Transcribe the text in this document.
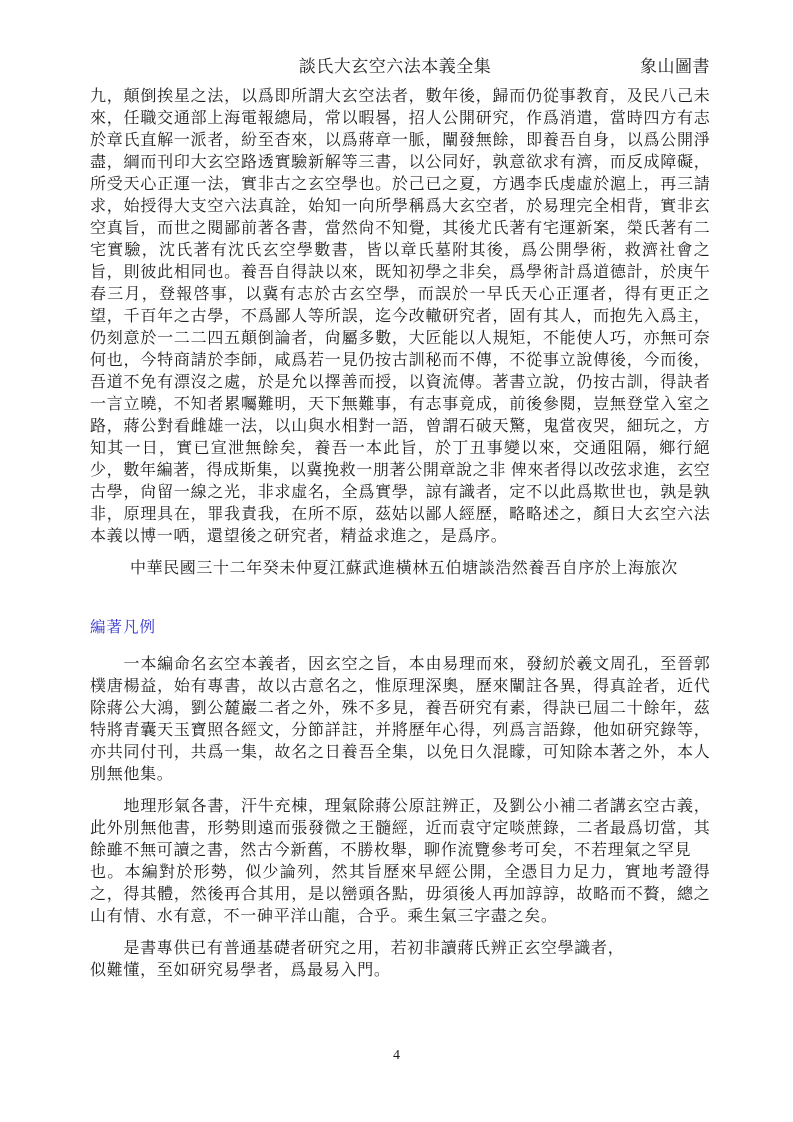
談氏大玄空六法本義全集	象山圖書
九，顛倒挨星之法，以爲即所謂大玄空法者，數年後，歸而仍從事教育，及民八己未
來，任職交通部上海電報總局，常以暇晷，招人公開研究，作爲消遣，當時四方有志
於章氏直解一派者，紛至杳來，以爲蔣章一脈，闡發無餘，即養吾自身，以爲公開淨
盡，綱而刊印大玄空路透實驗新解等三書，以公同好，孰意欲求有濟，而反成障礙，
所受天心正運一法，實非古之玄空學也。於己已之夏，方遇李氏虔虛於滬上，再三請
求，始授得大支空六法真詮，始知一向所學稱爲大玄空者，於易理完全相背，實非玄
空真旨，而世之閱鄙前著各書，當然尙不知覺，其後尤氏著有宅運新案，榮氏著有二
宅實驗，沈氏著有沈氏玄空學數書，皆以章氏墓附其後，爲公開學術，救濟社會之
旨，則彼此相同也。養吾自得訣以來，既知初學之非矣，爲學術計爲道德計，於庚午
春三月，登報啓事，以冀有志於古玄空學，而誤於一早氏天心正運者，得有更正之
望，千百年之古學，不爲鄙人等所誤，迄今改轍研究者，固有其人，而抱先入爲主，
仍刻意於一二二四五顛倒論者，尙屬多數，大匠能以人規矩，不能使人巧，亦無可奈
何也，今特商請於李師，咸爲若一見仍按古訓秘而不傳，不從事立說傳後，今而後，
吾道不免有漂沒之處，於是允以擇善而授，以資流傳。著書立說，仍按古訓，得訣者
一言立曉，不知者累囑難明，天下無難事，有志事竟成，前後參閱，豈無登堂入室之
路，蔣公對看雌雄一法，以山與水相對一語，曾謂石破天驚，鬼當夜哭，細玩之，方
知其一日，實已宣泄無餘矣，養吾一本此旨，於丁丑事變以來，交通阻隔，鄉行絕
少，數年編著，得成斯集，以冀挽救一朋著公開章說之非 俾來者得以改弦求進，玄空
古學，尙留一線之光，非求虛名，全爲實學，諒有識者，定不以此爲欺世也，孰是孰
非，原理具在，罪我責我，在所不原，茲姑以鄙人經歷，略略述之，顏日大玄空六法
本義以博一哂，還望後之研究者，精益求進之，是爲序。
中華民國三十二年癸未仲夏江蘇武進橫林五伯塘談浩然養吾自序於上海旅次
編著凡例
　　一本編命名玄空本義者，因玄空之旨，本由易理而來，發紉於羲文周孔，至晉郭
樸唐楊益，始有專書，故以古意名之，惟原理深奧，歷來闡註各異，得真詮者，近代
除蔣公大鴻，劉公麓巖二者之外，殊不多見，養吾研究有素，得訣已屆二十餘年，茲
特將青囊天玉寶照各經文，分節詳註，并將歷年心得，列爲言語錄，他如研究錄等，
亦共同付刊，共爲一集，故名之日養吾全集，以免日久混矇，可知除本著之外，本人
別無他集。
　　地理形氣各書，汗牛充棟，理氣除蔣公原註辨正，及劉公小補二者講玄空古義，
此外別無他書，形勢則遠而張發微之王髓經，近而袁守定啖蔗錄，二者最爲切當，其
餘雖不無可讀之書，然古今新舊，不勝枚舉，聊作流覽參考可矣，不若理氣之罕見
也。本編對於形勢，似少論列，然其旨歷來早經公開，全憑目力足力，實地考證得
之，得其體，然後再合其用，是以巒頭各點，毋須後人再加諄諄，故略而不贅，總之
山有情、水有意，不一砷平洋山龍，合乎。乘生氣三字盡之矣。
　　是書專供已有普通基礎者研究之用，若初非讀蔣氏辨正玄空學識者，
似難懂，至如研究易學者，爲最易入門。
4
